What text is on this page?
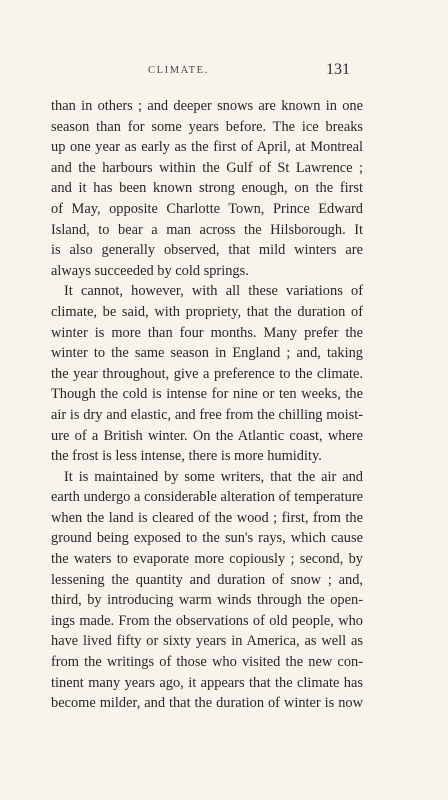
CLIMATE.	131
than in others ; and deeper snows are known in one
season than for some years before. The ice breaks
up one year as early as the first of April, at Montreal
and the harbours within the Gulf of St Lawrence ;
and it has been known strong enough, on the first
of May, opposite Charlotte Town, Prince Edward
Island, to bear a man across the Hilsborough. It
is also generally observed, that mild winters are
always succeeded by cold springs.
It cannot, however, with all these variations of
climate, be said, with propriety, that the duration of
winter is more than four months. Many prefer the
winter to the same season in England ; and, taking
the year throughout, give a preference to the climate.
Though the cold is intense for nine or ten weeks, the
air is dry and elastic, and free from the chilling moist-
ure of a British winter. On the Atlantic coast, where
the frost is less intense, there is more humidity.
It is maintained by some writers, that the air and
earth undergo a considerable alteration of temperature
when the land is cleared of the wood ; first, from the
ground being exposed to the sun's rays, which cause
the waters to evaporate more copiously ; second, by
lessening the quantity and duration of snow ; and,
third, by introducing warm winds through the open-
ings made. From the observations of old people, who
have lived fifty or sixty years in America, as well as
from the writings of those who visited the new con-
tinent many years ago, it appears that the climate has
become milder, and that the duration of winter is now
